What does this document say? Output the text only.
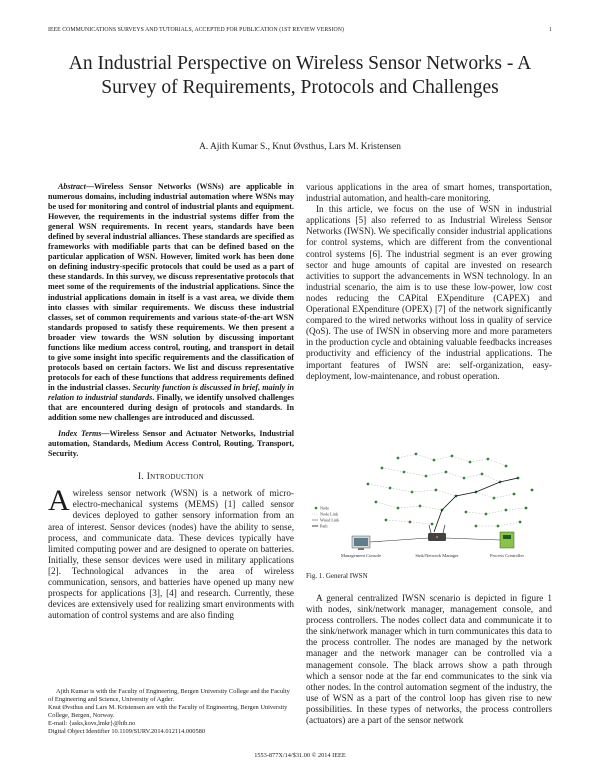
IEEE COMMUNICATIONS SURVEYS AND TUTORIALS, ACCEPTED FOR PUBLICATION (1ST REVIEW VERSION)	1
An Industrial Perspective on Wireless Sensor Networks - A Survey of Requirements, Protocols and Challenges
A. Ajith Kumar S., Knut Øvsthus, Lars M. Kristensen

Abstract—Wireless Sensor Networks (WSNs) are applicable in numerous domains, including industrial automation where WSNs may be used for monitoring and control of industrial plants and equipment. However, the requirements in the industrial systems differ from the general WSN requirements. In recent years, standards have been defined by several industrial alliances. These standards are specified as frameworks with modifiable parts that can be defined based on the particular application of WSN. However, limited work has been done on defining industry-specific protocols that could be used as a part of these standards. In this survey, we discuss representative protocols that meet some of the requirements of the industrial applications. Since the industrial applications domain in itself is a vast area, we divide them into classes with similar requirements. We discuss these industrial classes, set of common requirements and various state-of-the-art WSN standards proposed to satisfy these requirements. We then present a broader view towards the WSN solution by discussing important functions like medium access control, routing, and transport in detail to give some insight into specific requirements and the classification of protocols based on certain factors. We list and discuss representative protocols for each of these functions that address requirements defined in the industrial classes. Security function is discussed in brief, mainly in relation to industrial standards. Finally, we identify unsolved challenges that are encountered during design of protocols and standards. In addition some new challenges are introduced and discussed.

Index Terms—Wireless Sensor and Actuator Networks, Industrial automation, Standards, Medium Access Control, Routing, Transport, Security.

I. Introduction

Awireless sensor network (WSN) is a network of micro-electro-mechanical systems (MEMS) [1] called sensor devices deployed to gather sensory information from an area of interest. Sensor devices (nodes) have the ability to sense, process, and communicate data. These devices typically have limited computing power and are designed to operate on batteries. Initially, these sensor devices were used in military applications [2]. Technological advances in the area of wireless communication, sensors, and batteries have opened up many new prospects for applications [3], [4] and research. Currently, these devices are extensively used for realizing smart environments with automation of control systems and are also finding

Ajith Kumar is with the Faculty of Engineering, Bergen University College and the Faculty of Engineering and Science, University of Agder.
Knut Øvsthus and Lars M. Kristensen are with the Faculty of Engineering, Bergen University College, Bergen, Norway.
E-mail: {asks,kovs,lmkr}@hib.no
Digital Object Identifier 10.1109/SURV.2014.012114.000580
1553-877X/14/$31.00 © 2014 IEEE

various applications in the area of smart homes, transportation, industrial automation, and health-care monitoring.

In this article, we focus on the use of WSN in industrial applications [5] also referred to as Industrial Wireless Sensor Networks (IWSN). We specifically consider industrial applications for control systems, which are different from the conventional control systems [6]. The industrial segment is an ever growing sector and huge amounts of capital are invested on research activities to support the advancements in WSN technology. In an industrial scenario, the aim is to use these low-power, low cost nodes reducing the CAPital EXpenditure (CAPEX) and Operational EXpenditure (OPEX) [7] of the network significantly compared to the wired networks without loss in quality of service (QoS). The use of IWSN in observing more and more parameters in the production cycle and obtaining valuable feedbacks increases productivity and efficiency of the industrial applications. The important features of IWSN are: self-organization, easy-deployment, low-maintenance, and robust operation.

Node
Node Link
Wired Link
Path
Management Console	Sink/Network Manager	Process Controller
Fig. 1. General IWSN

A general centralized IWSN scenario is depicted in figure 1 with nodes, sink/network manager, management console, and process controllers. The nodes collect data and communicate it to the sink/network manager which in turn communicates this data to the process controller. The nodes are managed by the network manager and the network manager can be controlled via a management console. The black arrows show a path through which a sensor node at the far end communicates to the sink via other nodes. In the control automation segment of the industry, the use of WSN as a part of the control loop has given rise to new possibilities. In these types of networks, the process controllers (actuators) are a part of the sensor network
